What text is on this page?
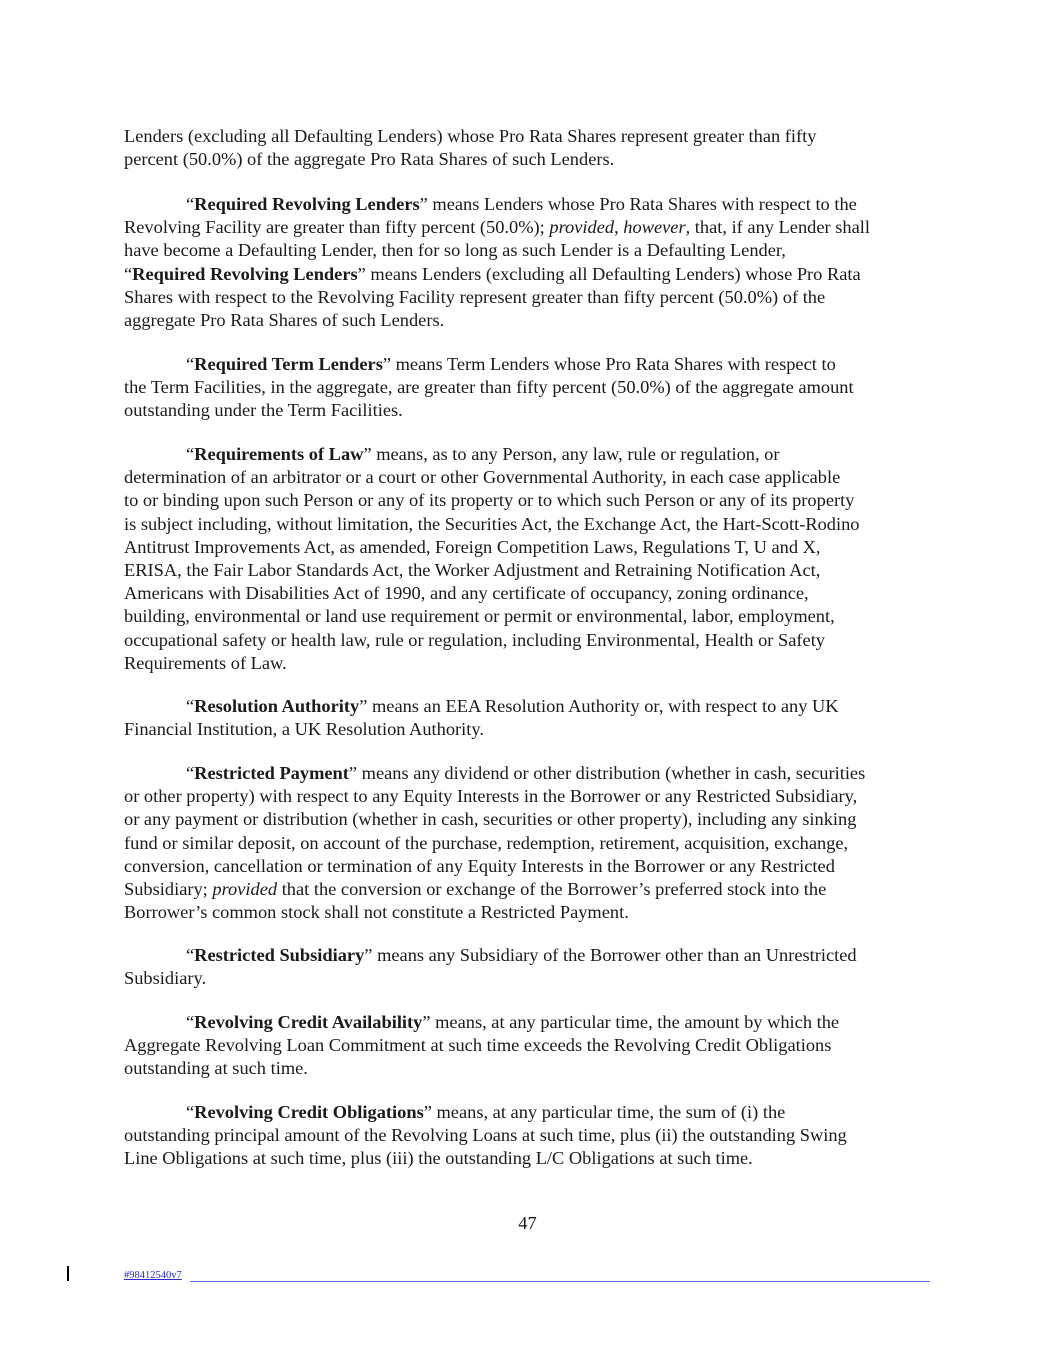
Lenders (excluding all Defaulting Lenders) whose Pro Rata Shares represent greater than fifty
percent (50.0%) of the aggregate Pro Rata Shares of such Lenders.
“Required Revolving Lenders” means Lenders whose Pro Rata Shares with respect to the
Revolving Facility are greater than fifty percent (50.0%); provided, however, that, if any Lender shall
have become a Defaulting Lender, then for so long as such Lender is a Defaulting Lender,
“Required Revolving Lenders” means Lenders (excluding all Defaulting Lenders) whose Pro Rata
Shares with respect to the Revolving Facility represent greater than fifty percent (50.0%) of the
aggregate Pro Rata Shares of such Lenders.
“Required Term Lenders” means Term Lenders whose Pro Rata Shares with respect to
the Term Facilities, in the aggregate, are greater than fifty percent (50.0%) of the aggregate amount
outstanding under the Term Facilities.
“Requirements of Law” means, as to any Person, any law, rule or regulation, or
determination of an arbitrator or a court or other Governmental Authority, in each case applicable
to or binding upon such Person or any of its property or to which such Person or any of its property
is subject including, without limitation, the Securities Act, the Exchange Act, the Hart-Scott-Rodino
Antitrust Improvements Act, as amended, Foreign Competition Laws, Regulations T, U and X,
ERISA, the Fair Labor Standards Act, the Worker Adjustment and Retraining Notification Act,
Americans with Disabilities Act of 1990, and any certificate of occupancy, zoning ordinance,
building, environmental or land use requirement or permit or environmental, labor, employment,
occupational safety or health law, rule or regulation, including Environmental, Health or Safety
Requirements of Law.
“Resolution Authority” means an EEA Resolution Authority or, with respect to any UK
Financial Institution, a UK Resolution Authority.
“Restricted Payment” means any dividend or other distribution (whether in cash, securities
or other property) with respect to any Equity Interests in the Borrower or any Restricted Subsidiary,
or any payment or distribution (whether in cash, securities or other property), including any sinking
fund or similar deposit, on account of the purchase, redemption, retirement, acquisition, exchange,
conversion, cancellation or termination of any Equity Interests in the Borrower or any Restricted
Subsidiary; provided that the conversion or exchange of the Borrower’s preferred stock into the
Borrower’s common stock shall not constitute a Restricted Payment.
“Restricted Subsidiary” means any Subsidiary of the Borrower other than an Unrestricted
Subsidiary.
“Revolving Credit Availability” means, at any particular time, the amount by which the
Aggregate Revolving Loan Commitment at such time exceeds the Revolving Credit Obligations
outstanding at such time.
“Revolving Credit Obligations” means, at any particular time, the sum of (i) the
outstanding principal amount of the Revolving Loans at such time, plus (ii) the outstanding Swing
Line Obligations at such time, plus (iii) the outstanding L/C Obligations at such time.
47
#98412540v7
